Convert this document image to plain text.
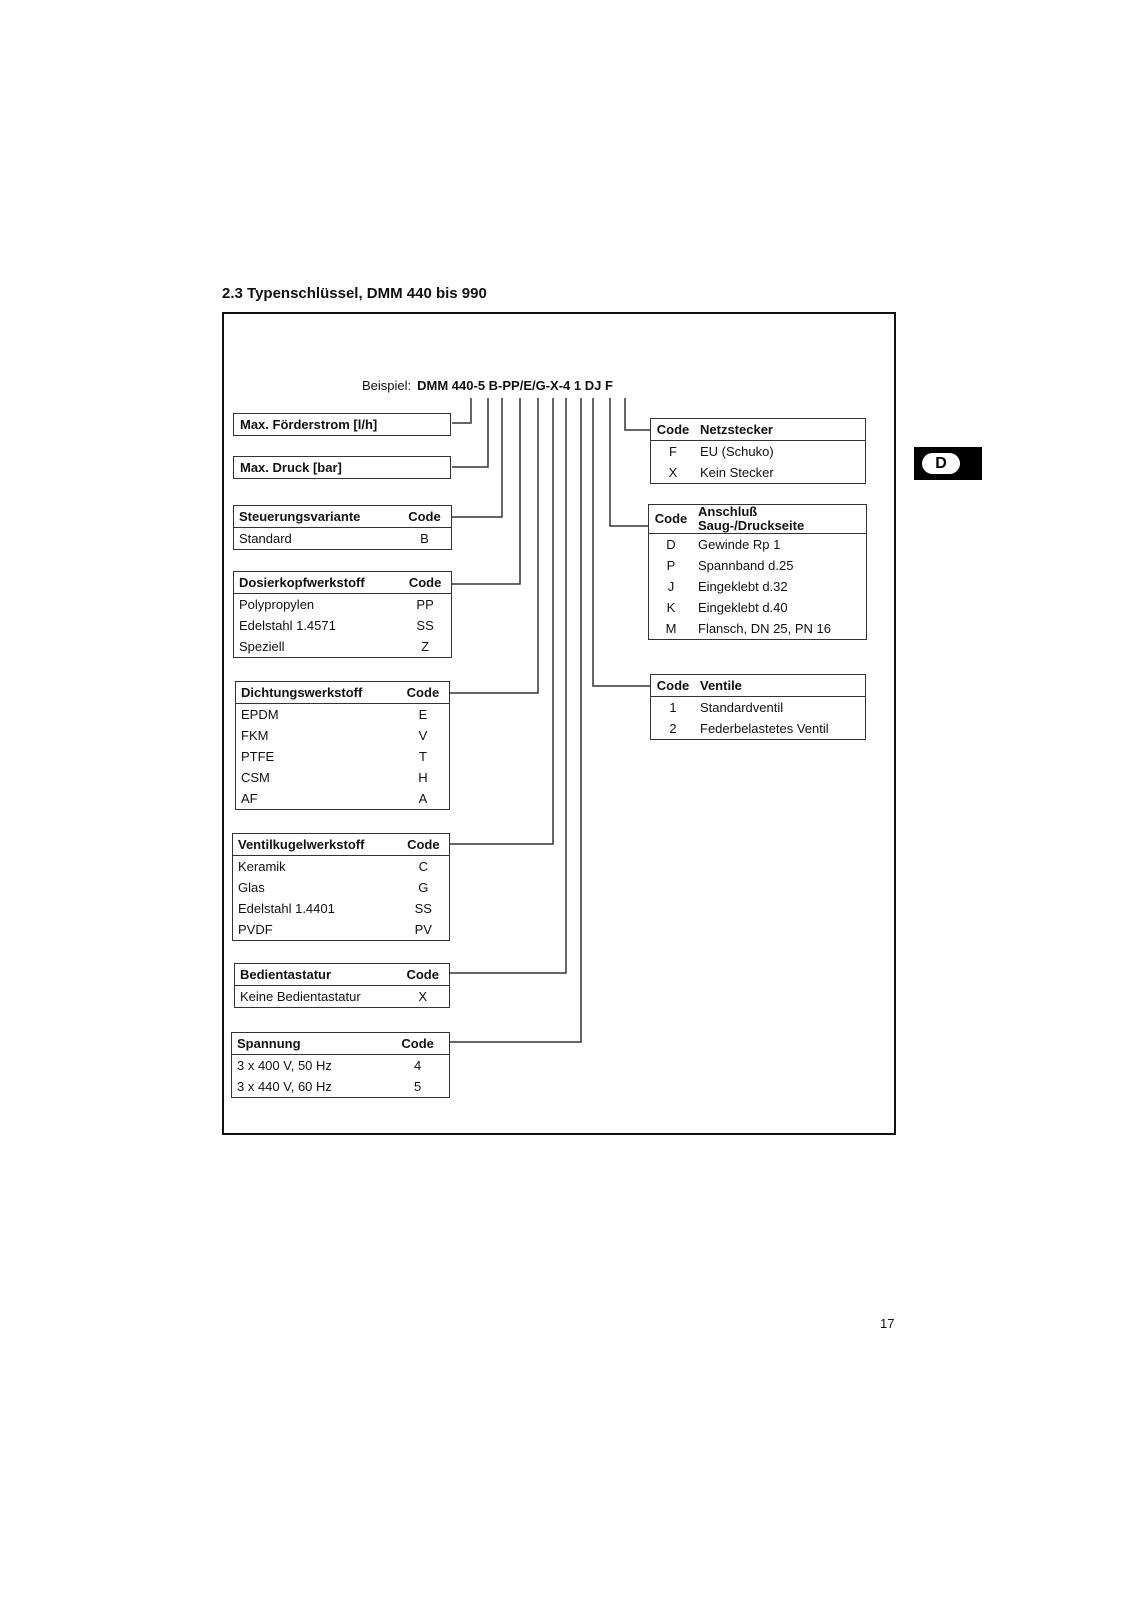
2.3 Typenschlüssel, DMM 440 bis 990
Beispiel: DMM 440-5 B-PP/E/G-X-4 1 DJ F
Max. Förderstrom [l/h]
Max. Druck [bar]
Steuerungsvariante	Code
Standard	B
Dosierkopfwerkstoff	Code
Polypropylen	PP
Edelstahl 1.4571	SS
Speziell	Z
Dichtungswerkstoff	Code
EPDM	E
FKM	V
PTFE	T
CSM	H
AF	A
Ventilkugelwerkstoff	Code
Keramik	C
Glas	G
Edelstahl 1.4401	SS
PVDF	PV
Bedientastatur	Code
Keine Bedientastatur	X
Spannung	Code
3 x 400 V, 50 Hz	4
3 x 440 V, 60 Hz	5
Code	Netzstecker
F	EU (Schuko)
X	Kein Stecker
Code	Anschluß
Saug-/Druckseite
D	Gewinde Rp 1
P	Spannband d.25
J	Eingeklebt d.32
K	Eingeklebt d.40
M	Flansch, DN 25, PN 16
Code	Ventile
1	Standardventil
2	Federbelastetes Ventil
D
17
